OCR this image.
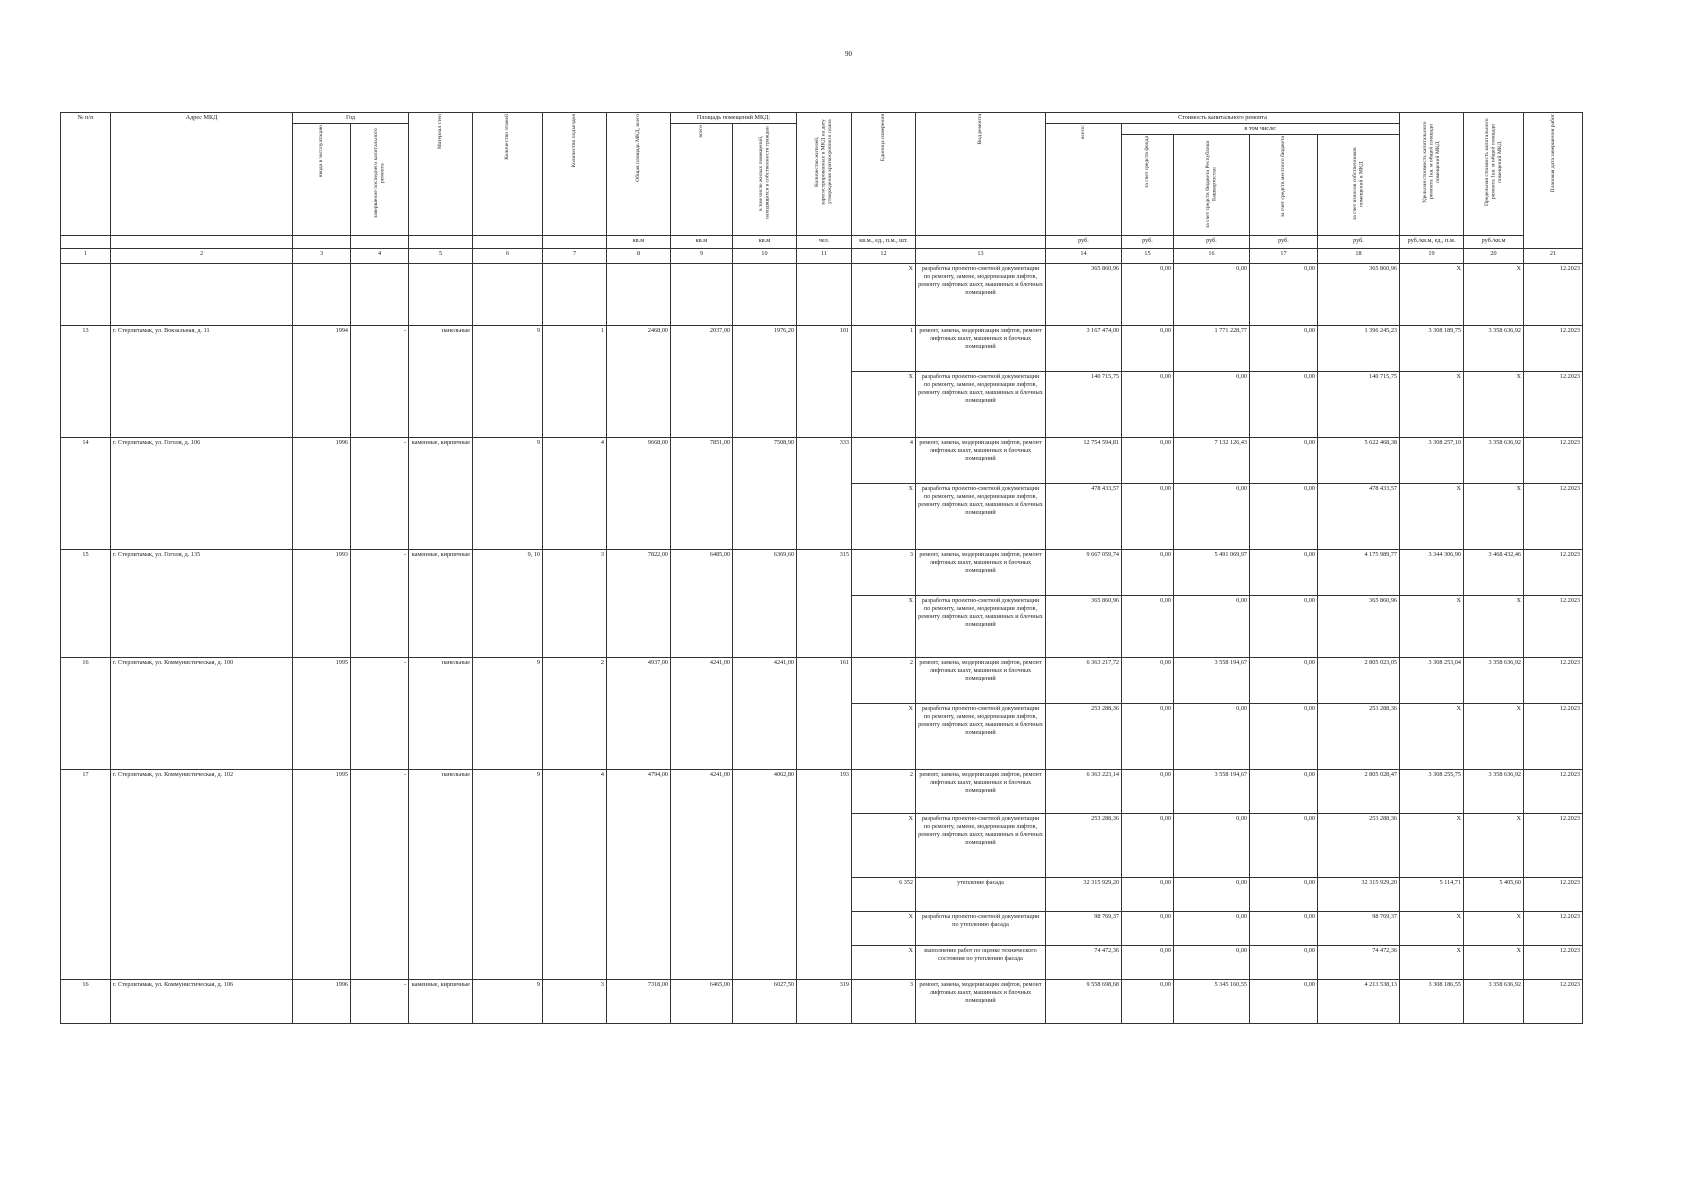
90
№ п/п	Адрес МКД	Год		Материал стен	Количество этажей	Количество подъездов	Общая площадь МКД, всего	Площадь помещений МКД:		Количество жителей, зарегистрированных в МКД на дату утверждения краткосрочного плана	Единица измерения	Вид ремонта	Стоимость капитального ремонта					Удельная стоимость капитального ремонта 1кв. м общей площади помещений МКД	Предельная стоимость капитального ремонта 1кв. м общей площади помещений МКД	Плановая дата завершения работ
		ввода в эксплуатацию	завершение последнего капитального ремонта					всего	в том числе жилых помещений, находящихся в собственности граждан				всего:	в том числе:						
														за счет средств фонда	за счет средств бюджета Республики Башкортостан	за счет средств местного бюджета	за счет взносов собственников помещений в МКД			
							кв.м	кв.м	кв.м	чел.	кв.м., ед., п.м., шт.		руб.	руб.	руб.	руб.	руб.	руб./кв.м, ед., п.м.	руб./кв.м	
1	2	3	4	5	6	7	8	9	10	11	12	13	14	15	16	17	18	19	20	21
											X	разработка проектно-сметной документации по ремонту, замене, модернизации лифтов, ремонту лифтовых шахт, машинных и блочных помещений	365 860,96	0,00	0,00	0,00	365 860,96	X	X	12.2023
13	г. Стерлитамак, ул. Вокзальная, д. 11	1994	-	панельные	9	1	2468,00	2037,00	1976,20	101	1	ремонт, замена, модернизация лифтов, ремонт лифтовых шахт, машинных и блочных помещений	3 167 474,00	0,00	1 771 228,77	0,00	1 396 245,23	3 308 189,75	3 358 636,92	12.2023
											X	разработка проектно-сметной документации по ремонту, замене, модернизации лифтов, ремонту лифтовых шахт, машинных и блочных помещений	140 715,75	0,00	0,00	0,00	140 715,75	X	X	12.2023
14	г. Стерлитамак, ул. Гоголя, д. 106	1996	-	каменные, кирпичные	9	4	9668,00	7851,00	7508,90	333	4	ремонт, замена, модернизация лифтов, ремонт лифтовых шахт, машинных и блочных помещений	12 754 594,81	0,00	7 132 126,43	0,00	5 622 468,38	3 308 257,10	3 358 636,92	12.2023
											X	разработка проектно-сметной документации по ремонту, замене, модернизации лифтов, ремонту лифтовых шахт, машинных и блочных помещений	478 433,57	0,00	0,00	0,00	478 433,57	X	X	12.2023
15	г. Стерлитамак, ул. Гоголя, д. 135	1993	-	каменные, кирпичные	9, 10	3	7822,00	6485,00	6369,60	315	3	ремонт, замена, модернизация лифтов, ремонт лифтовых шахт, машинных и блочных помещений	9 667 059,74	0,00	5 491 069,97	0,00	4 175 989,77	3 344 306,90	3 468 432,46	12.2023
											X	разработка проектно-сметной документации по ремонту, замене, модернизации лифтов, ремонту лифтовых шахт, машинных и блочных помещений	365 860,96	0,00	0,00	0,00	365 860,96	X	X	12.2023
16	г. Стерлитамак, ул. Коммунистическая, д. 100	1995	-	панельные	9	2	4937,00	4241,00	4241,00	161	2	ремонт, замена, модернизация лифтов, ремонт лифтовых шахт, машинных и блочных помещений	6 363 217,72	0,00	3 558 194,67	0,00	2 805 023,05	3 308 253,04	3 358 636,92	12.2023
											X	разработка проектно-сметной документации по ремонту, замене, модернизации лифтов, ремонту лифтовых шахт, машинных и блочных помещений	253 288,36	0,00	0,00	0,00	253 288,36	X	X	12.2023
17	г. Стерлитамак, ул. Коммунистическая, д. 102	1995	-	панельные	9	4	4794,00	4241,00	4062,80	193	2	ремонт, замена, модернизация лифтов, ремонт лифтовых шахт, машинных и блочных помещений	6 363 223,14	0,00	3 558 194,67	0,00	2 805 028,47	3 308 255,75	3 358 636,92	12.2023
											X	разработка проектно-сметной документации по ремонту, замене, модернизации лифтов, ремонту лифтовых шахт, машинных и блочных помещений	253 288,36	0,00	0,00	0,00	253 288,36	X	X	12.2023
											6 352	утепление фасада	32 315 929,20	0,00	0,00	0,00	32 315 929,20	5 114,71	5 405,60	12.2023
											X	разработка проектно-сметной документации по утеплению фасада	98 769,37	0,00	0,00	0,00	98 769,37	X	X	12.2023
											X	выполнение работ по оценке технического состояния по утеплению фасада	74 472,36	0,00	0,00	0,00	74 472,36	X	X	12.2023
16	г. Стерлитамак, ул. Коммунистическая, д. 106	1996	-	каменные, кирпичные	9	3	7318,00	6465,00	6027,50	319	3	ремонт, замена, модернизация лифтов, ремонт лифтовых шахт, машинных и блочных помещений	9 558 698,68	0,00	5 345 160,55	0,00	4 213 538,13	3 308 186,55	3 358 636,92	12.2023
